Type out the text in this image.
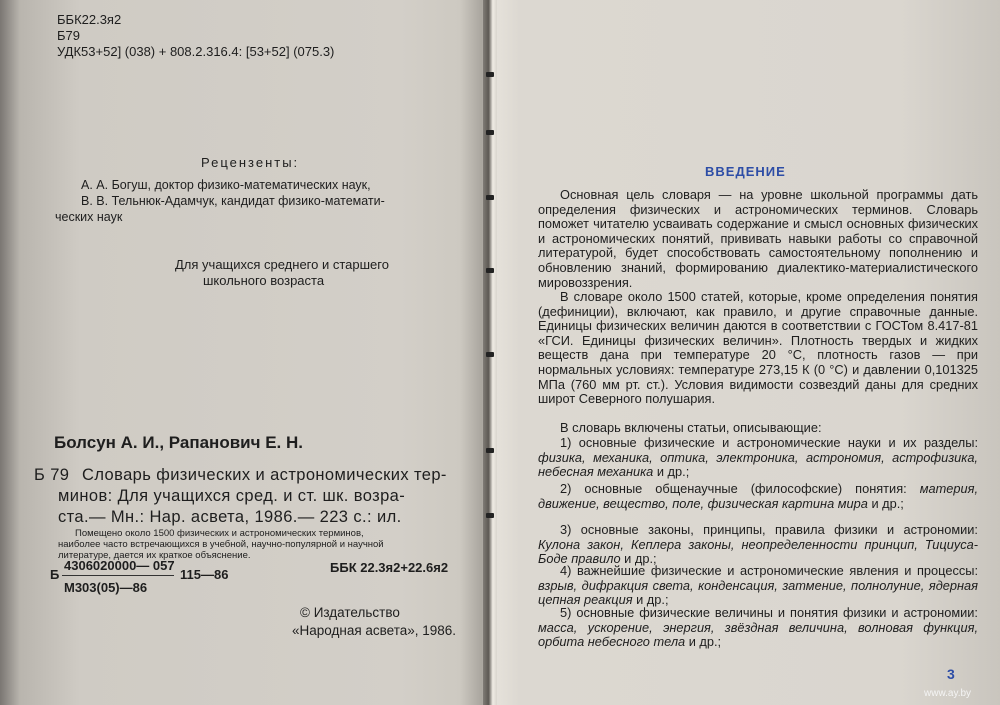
ББК22.3я2
Б79
УДК53+52] (038) + 808.2.316.4: [53+52] (075.3)
Рецензенты:
А. А. Богуш, доктор физико-математических наук,
В. В. Тельнюк-Адамчук, кандидат физико-математи-
ческих наук
Для учащихся среднего и старшего
школьного возраста
Болсун А. И., Рапанович Е. Н.
Б 79 Словарь физических и астрономических тер-
минов: Для учащихся сред. и ст. шк. возра-
ста.— Мн.: Нар. асвета, 1986.— 223 с.: ил.
Помещено около 1500 физических и астрономических терминов,
наиболее часто встречающихся в учебной, научно-популярной и научной
литературе, дается их краткое объяснение.
Б
4306020000— 057
М303(05)—86
115—86	ББК 22.3я2+22.6я2
© Издательство
«Народная асвета», 1986.
ВВЕДЕНИЕ

Основная цель словаря — на уровне школьной программы дать определения физических и астрономических терминов. Словарь поможет читателю усваивать содержание и смысл основных физических и астрономических понятий, прививать навыки работы со справочной литературой, будет способствовать самостоятельному пополнению и обновлению знаний, формированию диалектико-материалистического мировоззрения.

В словаре около 1500 статей, которые, кроме определения понятия (дефиниции), включают, как правило, и другие справочные данные. Единицы физических величин даются в соответствии с ГОСТом 8.417-81 «ГСИ. Единицы физических величин». Плотность твердых и жидких веществ дана при температуре 20 °С, плотность газов — при нормальных условиях: температуре 273,15 К (0 °С) и давлении 0,101325 МПа (760 мм рт. ст.). Условия видимости созвездий даны для средних широт Северного полушария.

В словарь включены статьи, описывающие:

1) основные физические и астрономические науки и их разделы: физика, механика, оптика, электроника, астрономия, астрофизика, небесная механика и др.;

2) основные общенаучные (философские) понятия: материя, движение, вещество, поле, физическая картина мира и др.;

3) основные законы, принципы, правила физики и астрономии: Кулона закон, Кеплера законы, неопределенности принцип, Тициуса-Боде правило и др.;

4) важнейшие физические и астрономические явления и процессы: взрыв, дифракция света, конденсация, затмение, полнолуние, ядерная цепная реакция и др.;

5) основные физические величины и понятия физики и астрономии: масса, ускорение, энергия, звёздная величина, волновая функция, орбита небесного тела и др.;

3
www.ay.by
